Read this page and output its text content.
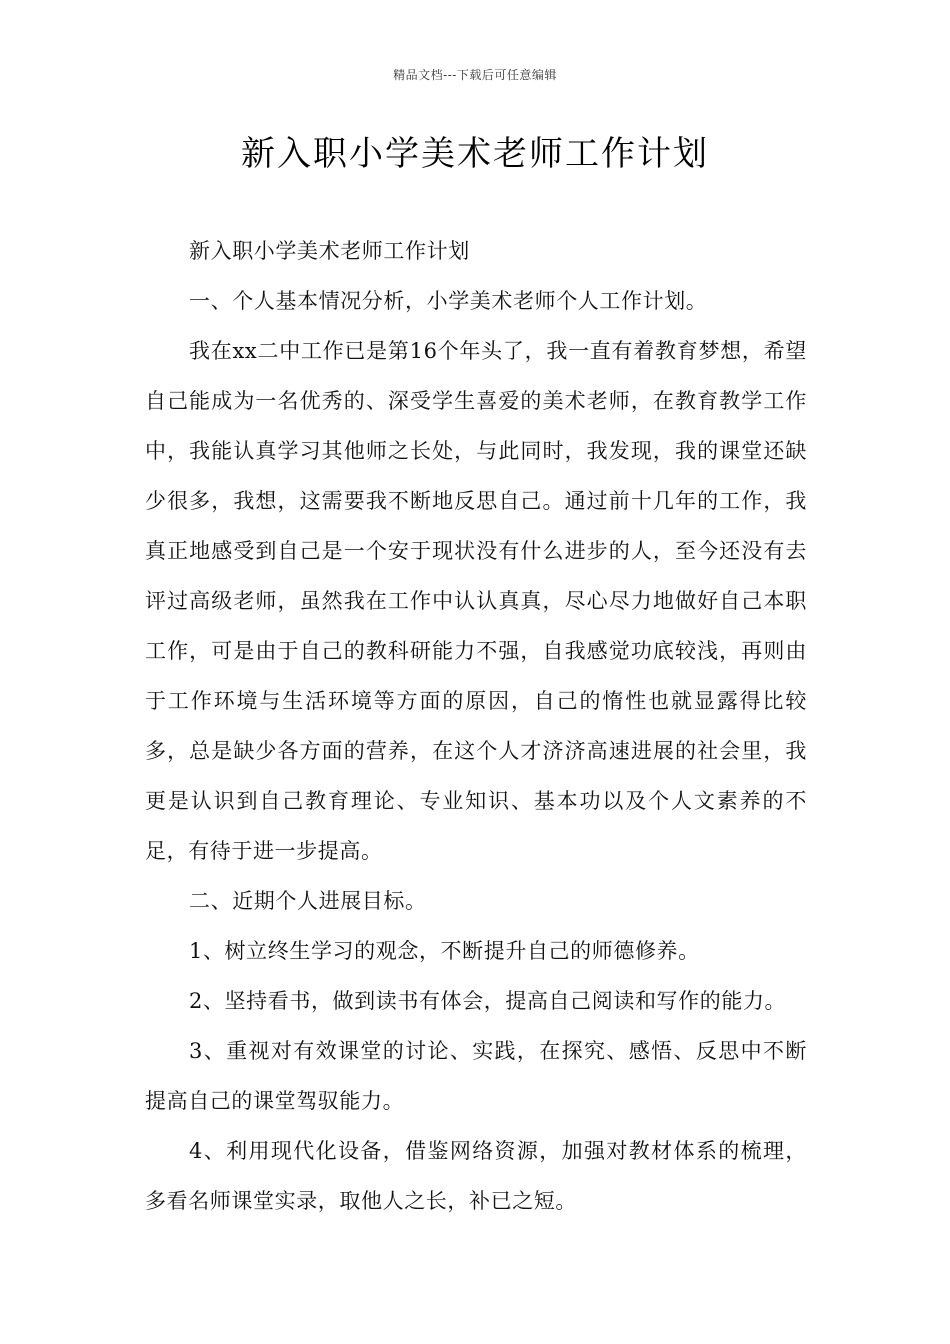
精品文档---下载后可任意编辑
新入职小学美术老师工作计划

新入职小学美术老师工作计划

一、个人基本情况分析，小学美术老师个人工作计划。

我在xx二中工作已是第16个年头了，我一直有着教育梦想，希望自己能成为一名优秀的、深受学生喜爱的美术老师，在教育教学工作中，我能认真学习其他师之长处，与此同时，我发现，我的课堂还缺少很多，我想，这需要我不断地反思自己。通过前十几年的工作，我真正地感受到自己是一个安于现状没有什么进步的人，至今还没有去评过高级老师，虽然我在工作中认认真真，尽心尽力地做好自己本职工作，可是由于自己的教科研能力不强，自我感觉功底较浅，再则由于工作环境与生活环境等方面的原因，自己的惰性也就显露得比较多，总是缺少各方面的营养，在这个人才济济高速进展的社会里，我更是认识到自己教育理论、专业知识、基本功以及个人文素养的不足，有待于进一步提高。

二、近期个人进展目标。

1、树立终生学习的观念，不断提升自己的师德修养。

2、坚持看书，做到读书有体会，提高自己阅读和写作的能力。

3、重视对有效课堂的讨论、实践，在探究、感悟、反思中不断提高自己的课堂驾驭能力。

4、利用现代化设备，借鉴网络资源，加强对教材体系的梳理，多看名师课堂实录，取他人之长，补已之短。
